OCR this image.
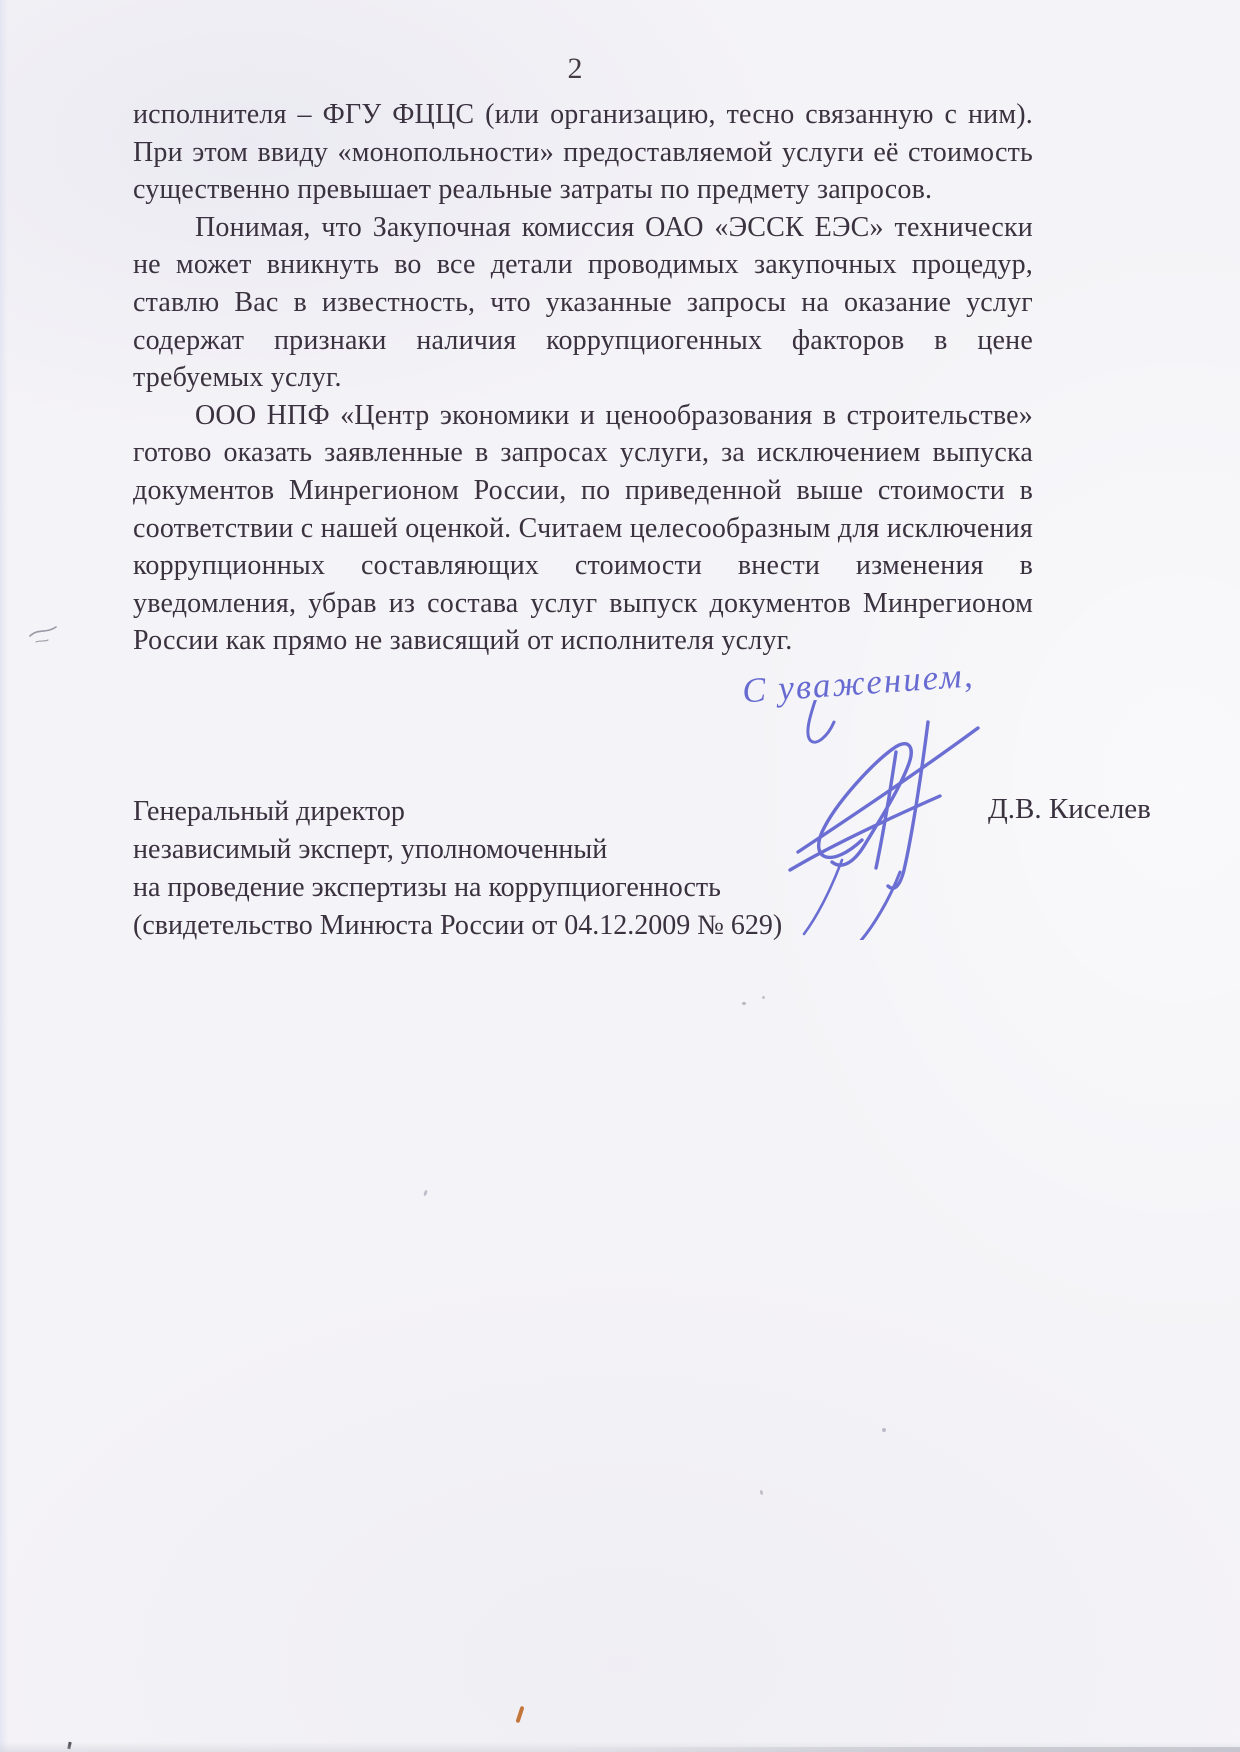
2

исполнителя – ФГУ ФЦЦС (или организацию, тесно связанную с ним). При этом ввиду «монопольности» предоставляемой услуги её стоимость существенно превышает реальные затраты по предмету запросов.

Понимая, что Закупочная комиссия ОАО «ЭССК ЕЭС» технически не может вникнуть во все детали проводимых закупочных процедур, ставлю Вас в известность, что указанные запросы на оказание услуг содержат признаки наличия коррупциогенных факторов в цене требуемых услуг.

ООО НПФ «Центр экономики и ценообразования в строительстве» готово оказать заявленные в запросах услуги, за исключением выпуска документов Минрегионом России, по приведенной выше стоимости в соответствии с нашей оценкой. Считаем целесообразным для исключения коррупционных составляющих стоимости внести изменения в уведомления, убрав из состава услуг выпуск документов Минрегионом России как прямо не зависящий от исполнителя услуг.

С уважением,
Генеральный директор
независимый эксперт, уполномоченный
на проведение экспертизы на коррупциогенность
(свидетельство Минюста России от 04.12.2009 № 629)
Д.В. Киселев
